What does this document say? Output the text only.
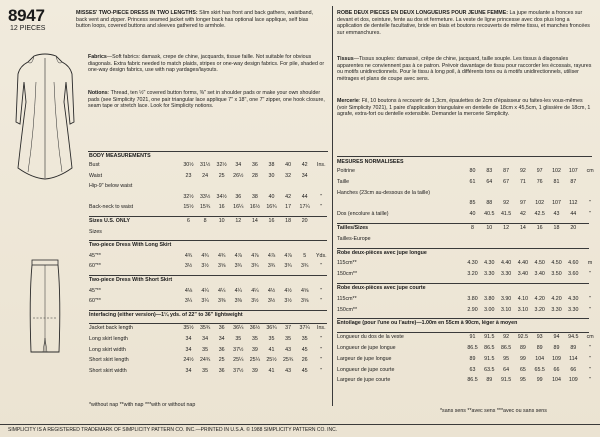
8947
12 PIECES
MISSES' TWO-PIECE DRESS IN TWO LENGTHS: Slim skirt has front and back gathers, waistband, back vent and zipper. Princess seamed jacket with longer back has optional lace applique, self bias button loops, covered buttons and sleeves gathered to armhole.
ROBE DEUX PIECES EN DEUX LONGUEURS POUR JEUNE FEMME: La jupe moulante a fronces sur devant et dos, ceinture, fente au dos et fermeture. La veste de ligne princesse avec dos plus long a application de dentelle facultative, bride en biais et boutons recouverts de même tissu, et manches froncées sur emmanchures.
Fabrics—Soft fabrics: damask, crepe de chine, jacquards, tissue faille. Not suitable for obvious diagonals. Extra fabric needed to match plaids, stripes or one-way design fabrics. For pile, shaded or one-way design fabrics, use with nap yardages/layouts.
Notions: Thread, ten ½" covered button forms, ⅜" set in shoulder pads or make your own shoulder pads (see Simplicity 7021, one pair triangular lace applique 7" x 18", one 7" zipper, one hook closure, seam tape or stretch lace. Look for Simplicity notions.
Tissus—Tissus souples: damassé, crêpe de chine, jacquard, taille souple. Les tissus à diagonales apparentes ne conviennent pas à ce patron. Prévoir davantage de tissu pour raccorder les écossais, rayures ou motifs unidirectionnels. Pour le tissu à long poil, à différents tons ou à motifs unidirectionnels, utiliser métrages et plans de coupe avec sens.
Mercerie: Fil, 10 boutons à recouvrir de 1,3cm, épaulettes de 2cm d'épaisseur ou faites-les vous-mêmes (voir Simplicity 7021), 1 paire d'application triangulaire en dentelle de 18cm x 45,5cm, 1 glissière de 18cm, 1 agrafe, extra-fort ou dentelle extensible. Demander la mercerie Simplicity.
BODY MEASUREMENTS
Bust	30½	31½	32½	34	36	38	40	42	Ins.
Waist	23	24	25	26½	28	30	32	34
Hip-9" below waist
32½	33½	34½	36	38	40	42	44	"
Back-neck to waist	15½	15¾	16	16¼	16½	16¾	17	17¼	"
Sizes U.S. ONLY	6	8	10	12	14	16	18	20
Sizes
Two-piece Dress With Long Skirt
45"**	4¾	4¾	4¾	4⅞	4⅞	4⅞	4⅞	5	Yds.
60"**	3½	3½	3⅝	3¾	3¾	3¾	3¾	3¾	"
Two-piece Dress With Short Skirt
45"**	4⅛	4¼	4¼	4¼	4¼	4½	4½	4⅝	"
60"**	3¼	3¼	3⅜	3⅜	3½	3½	3½	3⅝	"
Interfacing (either version)—1¼ yds. of 22" to 36" lightweight
Jacket back length	35½	35¾	36	36¼	36½	36¾	37	37¼	Ins.
Long skirt length	34	34	34	35	35	35	35	35	"
Long skirt width	34	35	36	37½	39	41	43	45	"
Short skirt length	24½	24¾	25	25¼	25¼	25½	25¾	26	"
Short skirt width	34	35	36	37½	39	41	43	45	"
*without nap **with nap ***with or without nap
MESURES NORMALISEES
Poitrine	80	83	87	92	97	102	107	cm
Taille	61	64	67	71	76	81	87
Hanches (23cm au-dessous de la taille)
85	88	92	97	102	107	112	"
Dos (encolure à taille)	40	40.5	41.5	42	42.5	43	44	"
Tailles/Sizes	8	10	12	14	16	18	20
Tailles-Europe
Robe deux-pièces avec jupe longue
115cm**	4.30	4.30	4.40	4.40	4.50	4.50	4.60	m
150cm**	3.20	3.30	3.30	3.40	3.40	3.50	3.60	"
Robe deux-pièces avec jupe courte
115cm**	3.80	3.80	3.90	4.10	4.20	4.20	4.30	"
150cm**	2.90	3.00	3.10	3.10	3.20	3.30	3.30	"
Entoilage (pour l'une ou l'autre)—1.00m en 55cm à 90cm, léger à moyen
Longueur du dos de la veste	91	91.5	92	92.5	93	94	94.5	cm
Longueur de jupe longue	86.5	86.5	86.5	89	89	89	89	"
Largeur de jupe longue	89	91.5	95	99	104	109	114	"
Longueur de jupe courte	63	63.5	64	65	65.5	66	66	"
Largeur de jupe courte	86.5	89	91.5	95	99	104	109	"
*sans sens **avec sens ***avec ou sans sens
SIMPLICITY IS A REGISTERED TRADEMARK OF SIMPLICITY PATTERN CO. INC.—PRINTED IN U.S.A. © 1988 SIMPLICITY PATTERN CO. INC.
